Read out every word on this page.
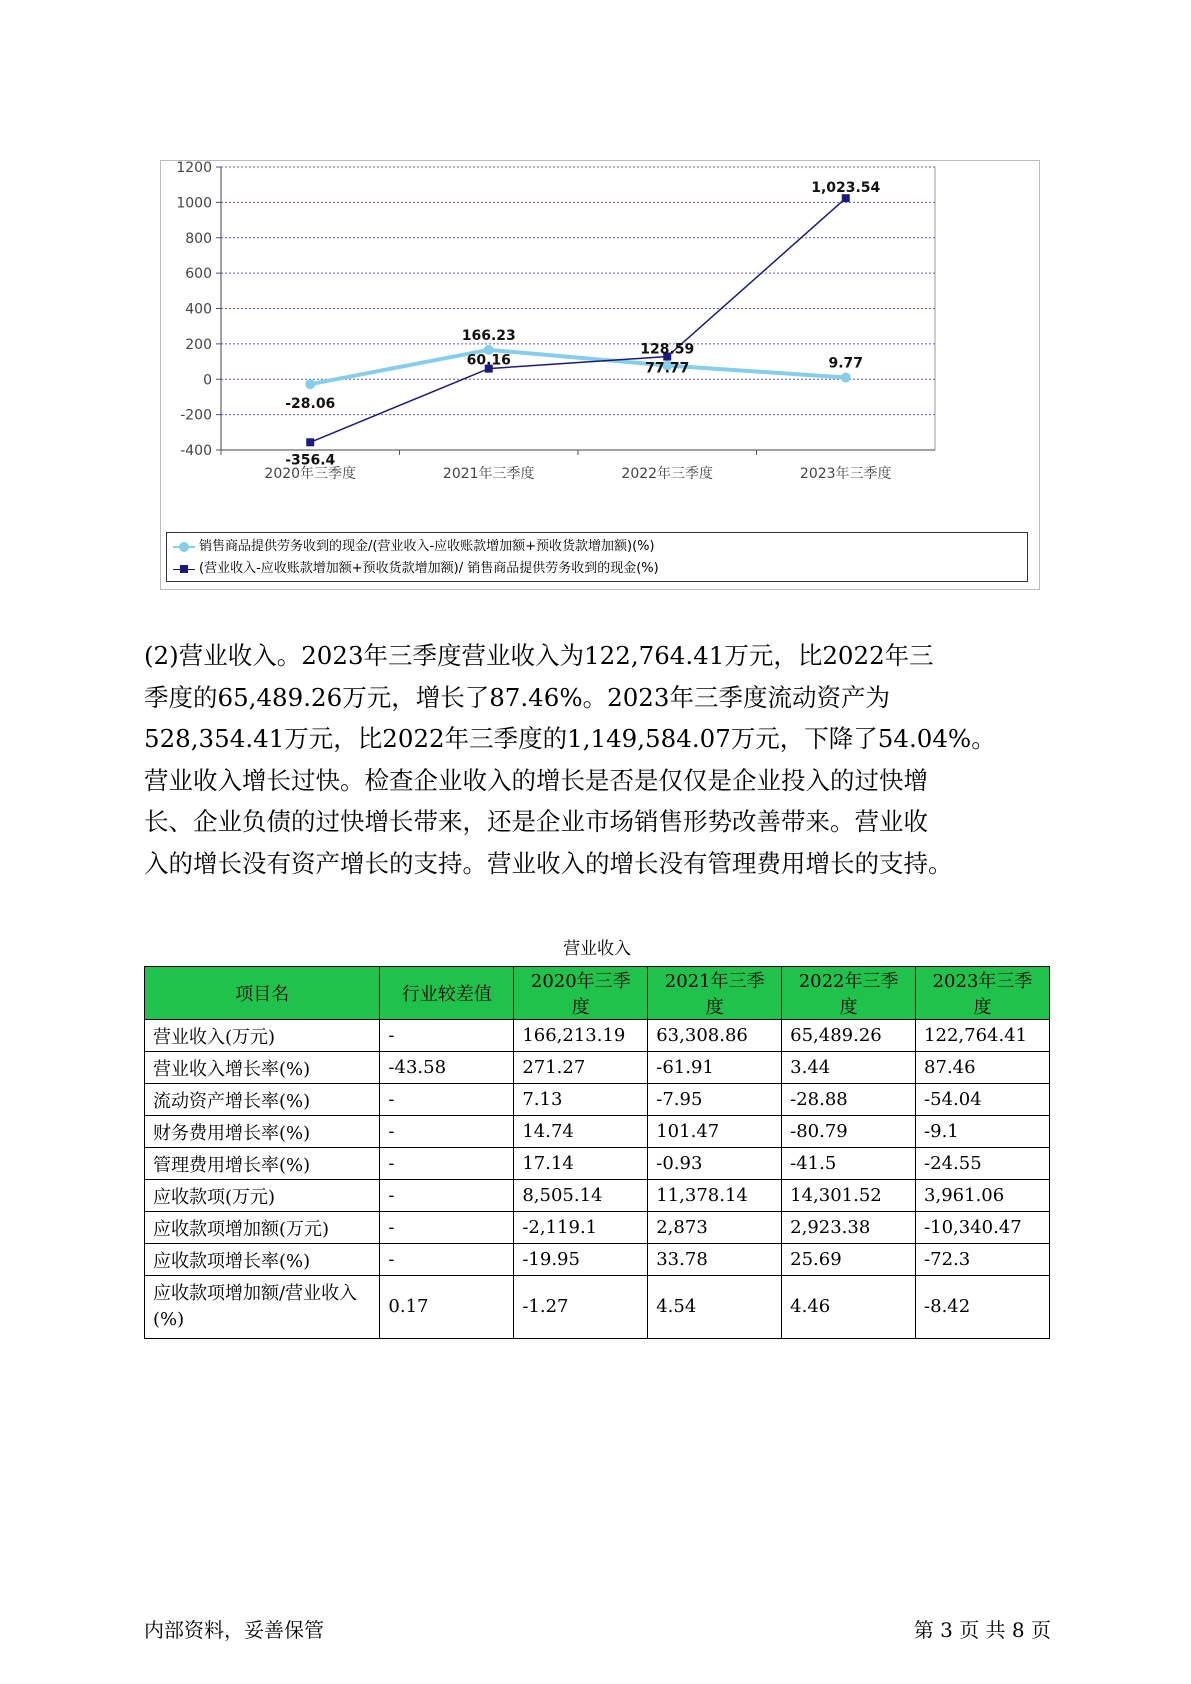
1200
1000
800
600
400
200
0
-200
-400
2020年三季度	2021年三季度	2022年三季度	2023年三季度
-28.06
166.23
77.77	9.77
-356.4
60.16
128.59
1,023.54
销售商品提供劳务收到的现金/(营业收入-应收账款增加额+预收货款增加额)(%)
(营业收入-应收账款增加额+预收货款增加额)/ 销售商品提供劳务收到的现金(%)

(2)营业收入。2023年三季度营业收入为122,764.41万元，比2022年三
季度的65,489.26万元，增长了87.46%。2023年三季度流动资产为
528,354.41万元，比2022年三季度的1,149,584.07万元，下降了54.04%。
营业收入增长过快。检查企业收入的增长是否是仅仅是企业投入的过快增
长、企业负债的过快增长带来，还是企业市场销售形势改善带来。营业收
入的增长没有资产增长的支持。营业收入的增长没有管理费用增长的支持。

营业收入
项目名	行业较差值	2020年三季度	2021年三季度	2022年三季度	2023年三季度
营业收入(万元)	-	166,213.19	63,308.86	65,489.26	122,764.41
营业收入增长率(%)	-43.58	271.27	-61.91	3.44	87.46
流动资产增长率(%)	-	7.13	-7.95	-28.88	-54.04
财务费用增长率(%)	-	14.74	101.47	-80.79	-9.1
管理费用增长率(%)	-	17.14	-0.93	-41.5	-24.55
应收款项(万元)	-	8,505.14	11,378.14	14,301.52	3,961.06
应收款项增加额(万元)	-	-2,119.1	2,873	2,923.38	-10,340.47
应收款项增长率(%)	-	-19.95	33.78	25.69	-72.3
应收款项增加额/营业收入(%)	0.17	-1.27	4.54	4.46	-8.42
内部资料，妥善保管	第 3 页 共 8 页
